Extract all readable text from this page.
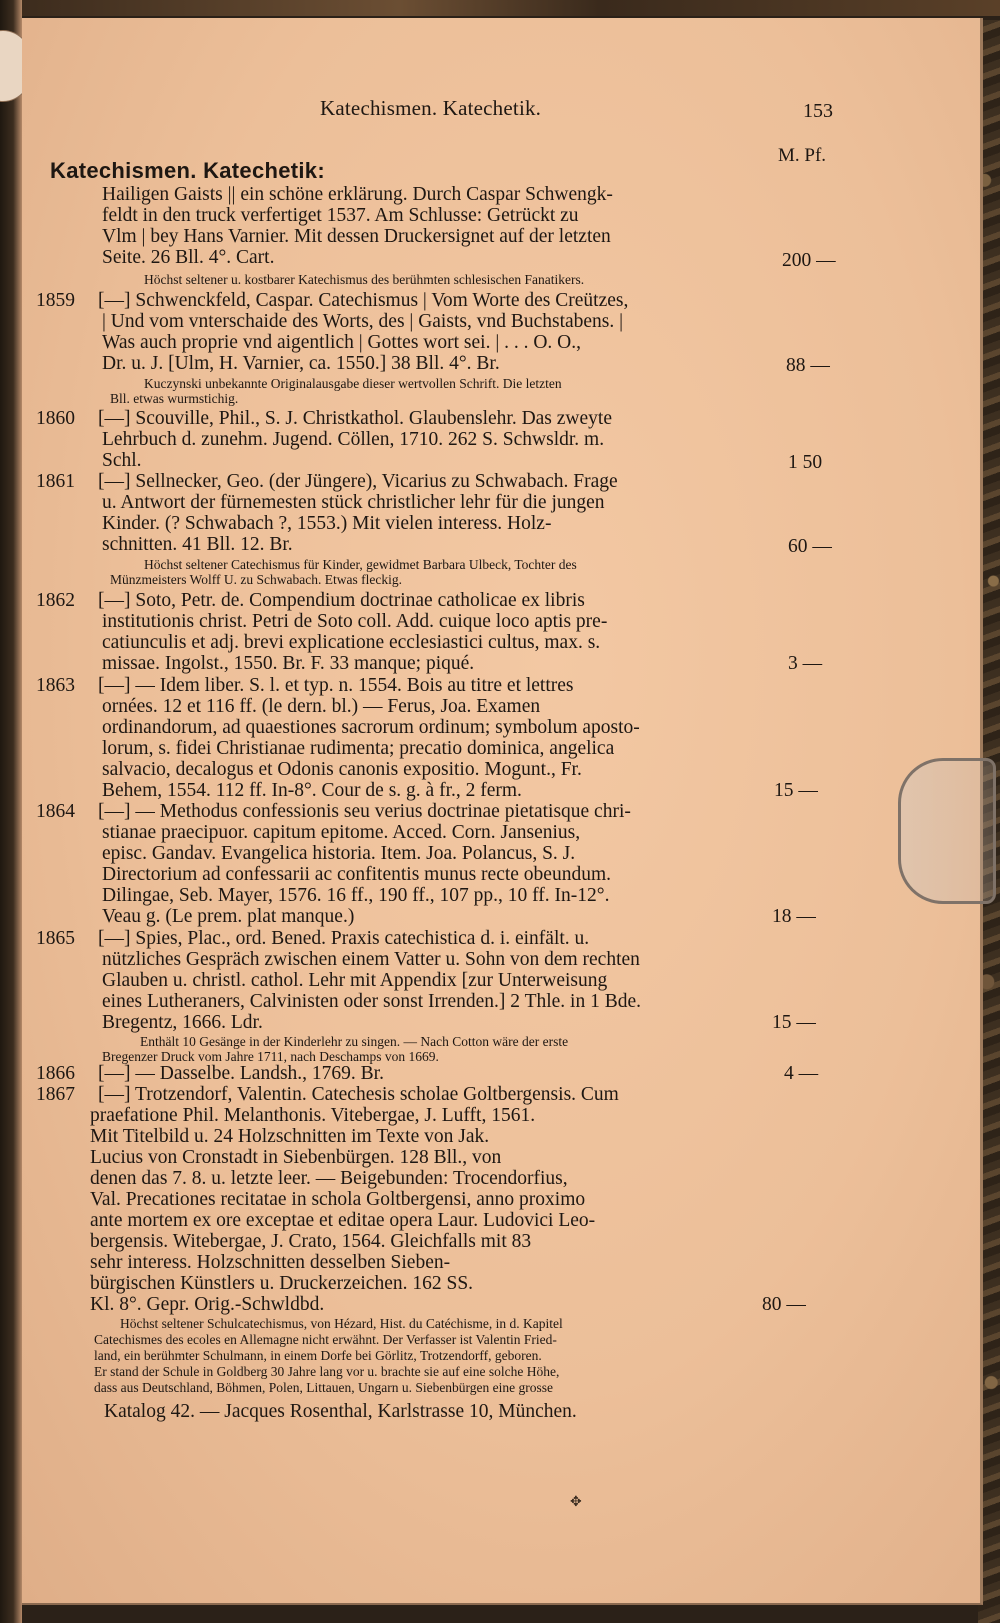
Katechismen. Katechetik.	153
M. Pf.
Katechismen. Katechetik:
Hailigen Gaists || ein schöne erklärung. Durch Caspar Schwengk-
feldt in den truck verfertiget 1537. Am Schlusse: Getrückt zu
Vlm | bey Hans Varnier. Mit dessen Druckersignet auf der letzten
Seite. 26 Bll. 4°. Cart.	200 —
Höchst seltener u. kostbarer Katechismus des berühmten schlesischen Fanatikers.
1859 [—] Schwenckfeld, Caspar. Catechismus | Vom Worte des Creützes,
| Und vom vnterschaide des Worts, des | Gaists, vnd Buchstabens. |
Was auch proprie vnd aigentlich | Gottes wort sei. | . . . O. O.,
Dr. u. J. [Ulm, H. Varnier, ca. 1550.] 38 Bll. 4°. Br.	88 —
Kuczynski unbekannte Originalausgabe dieser wertvollen Schrift. Die letzten
Bll. etwas wurmstichig.
1860 [—] Scouville, Phil., S. J. Christkathol. Glaubenslehr. Das zweyte
Lehrbuch d. zunehm. Jugend. Cöllen, 1710. 262 S. Schwsldr. m.
Schl.	1 50
1861 [—] Sellnecker, Geo. (der Jüngere), Vicarius zu Schwabach. Frage
u. Antwort der fürnemesten stück christlicher lehr für die jungen
Kinder. (? Schwabach ?, 1553.) Mit vielen interess. Holz-
schnitten. 41 Bll. 12. Br.	60 —
Höchst seltener Catechismus für Kinder, gewidmet Barbara Ulbeck, Tochter des
Münzmeisters Wolff U. zu Schwabach. Etwas fleckig.
1862 [—] Soto, Petr. de. Compendium doctrinae catholicae ex libris
institutionis christ. Petri de Soto coll. Add. cuique loco aptis pre-
catiunculis et adj. brevi explicatione ecclesiastici cultus, max. s.
missae. Ingolst., 1550. Br. F. 33 manque; piqué.	3 —
1863 [—] — Idem liber. S. l. et typ. n. 1554. Bois au titre et lettres
ornées. 12 et 116 ff. (le dern. bl.) — Ferus, Joa. Examen
ordinandorum, ad quaestiones sacrorum ordinum; symbolum aposto-
lorum, s. fidei Christianae rudimenta; precatio dominica, angelica
salvacio, decalogus et Odonis canonis expositio. Mogunt., Fr.
Behem, 1554. 112 ff. In-8°. Cour de s. g. à fr., 2 ferm.	15 —
1864 [—] — Methodus confessionis seu verius doctrinae pietatisque chri-
stianae praecipuor. capitum epitome. Acced. Corn. Jansenius,
episc. Gandav. Evangelica historia. Item. Joa. Polancus, S. J.
Directorium ad confessarii ac confitentis munus recte obeundum.
Dilingae, Seb. Mayer, 1576. 16 ff., 190 ff., 107 pp., 10 ff. In-12°.
Veau g. (Le prem. plat manque.)	18 —
1865 [—] Spies, Plac., ord. Bened. Praxis catechistica d. i. einfält. u.
nützliches Gespräch zwischen einem Vatter u. Sohn von dem rechten
Glauben u. christl. cathol. Lehr mit Appendix [zur Unterweisung
eines Lutheraners, Calvinisten oder sonst Irrenden.] 2 Thle. in 1 Bde.
Bregentz, 1666. Ldr.	15 —
Enthält 10 Gesänge in der Kinderlehr zu singen. — Nach Cotton wäre der erste
Bregenzer Druck vom Jahre 1711, nach Deschamps von 1669.
1866 [—] — Dasselbe. Landsh., 1769. Br.	4 —
1867 [—] Trotzendorf, Valentin. Catechesis scholae Goltbergensis. Cum
praefatione Phil. Melanthonis. Vitebergae, J. Lufft, 1561.
Mit Titelbild u. 24 Holzschnitten im Texte von Jak.
Lucius von Cronstadt in Siebenbürgen. 128 Bll., von
denen das 7. 8. u. letzte leer. — Beigebunden: Trocendorfius,
Val. Precationes recitatae in schola Goltbergensi, anno proximo
ante mortem ex ore exceptae et editae opera Laur. Ludovici Leo-
bergensis. Witebergae, J. Crato, 1564. Gleichfalls mit 83
sehr interess. Holzschnitten desselben Sieben-
bürgischen Künstlers u. Druckerzeichen. 162 SS.
Kl. 8°. Gepr. Orig.-Schwldbd.	80 —
Höchst seltener Schulcatechismus, von Hézard, Hist. du Catéchisme, in d. Kapitel
Catechismes des ecoles en Allemagne nicht erwähnt. Der Verfasser ist Valentin Fried-
land, ein berühmter Schulmann, in einem Dorfe bei Görlitz, Trotzendorff, geboren.
Er stand der Schule in Goldberg 30 Jahre lang vor u. brachte sie auf eine solche Höhe,
dass aus Deutschland, Böhmen, Polen, Littauen, Ungarn u. Siebenbürgen eine grosse
Katalog 42. — Jacques Rosenthal, Karlstrasse 10, München.
✥
